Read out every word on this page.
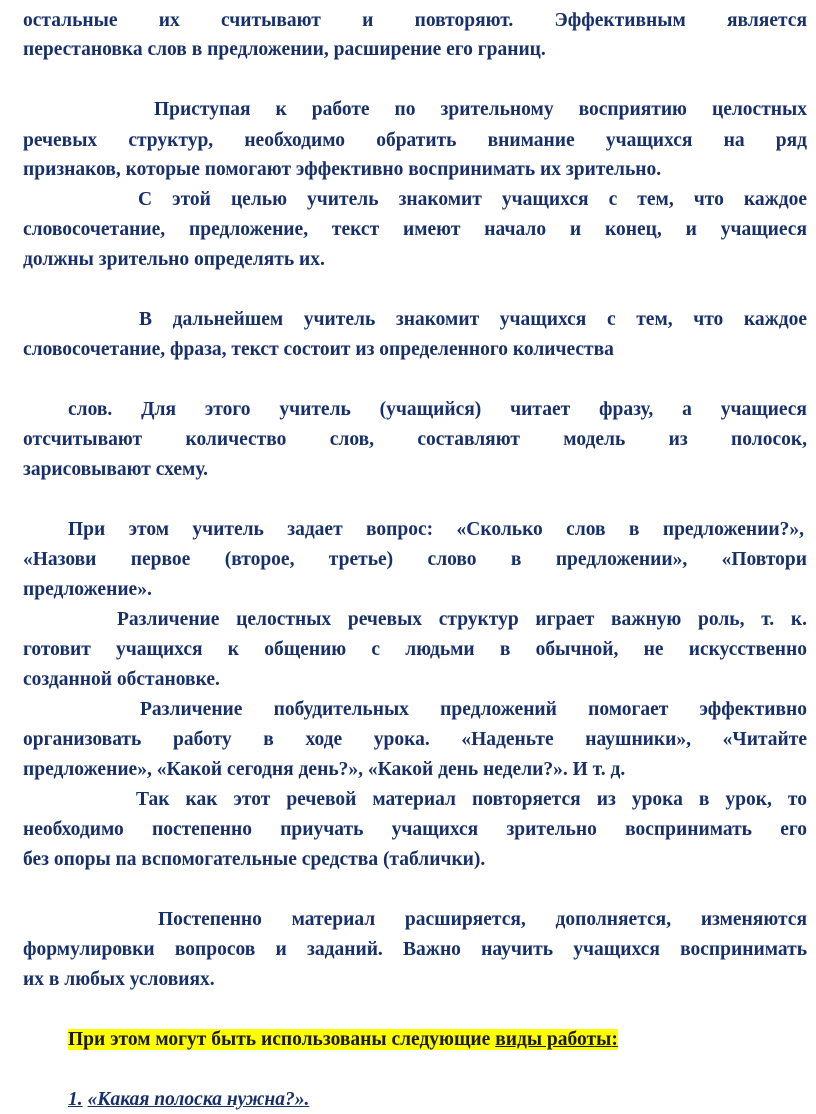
остальные их считывают и повторяют. Эффективным является
перестановка слов в предложении, расширение его границ.
Приступая к работе по зрительному восприятию целостных
речевых структур, необходимо обратить внимание учащихся на ряд
признаков, которые помогают эффективно воспринимать их зрительно.
С этой целью учитель знакомит учащихся с тем, что каждое
словосочетание, предложение, текст имеют начало и конец, и учащиеся
должны зрительно определять их.
В дальнейшем учитель знакомит учащихся с тем, что каждое
словосочетание, фраза, текст состоит из определенного количества
слов. Для этого учитель (учащийся) читает фразу, а учащиеся
отсчитывают количество слов, составляют модель из полосок,
зарисовывают схему.
При этом учитель задает вопрос: «Сколько слов в предложении?»,
«Назови первое (второе, третье) слово в предложении», «Повтори
предложение».
Различение целостных речевых структур играет важную роль, т. к.
готовит учащихся к общению с людьми в обычной, не искусственно
созданной обстановке.
Различение побудительных предложений помогает эффективно
организовать работу в ходе урока. «Наденьте наушники», «Читайте
предложение», «Какой сегодня день?», «Какой день недели?». И т. д.
Так как этот речевой материал повторяется из урока в урок, то
необходимо постепенно приучать учащихся зрительно воспринимать его
без опоры па вспомогательные средства (таблички).
Постепенно материал расширяется, дополняется, изменяются
формулировки вопросов и заданий. Важно научить учащихся воспринимать
их в любых условиях.
При этом могут быть использованы следующие виды работы:
1. «Какая полоска нужна?».
